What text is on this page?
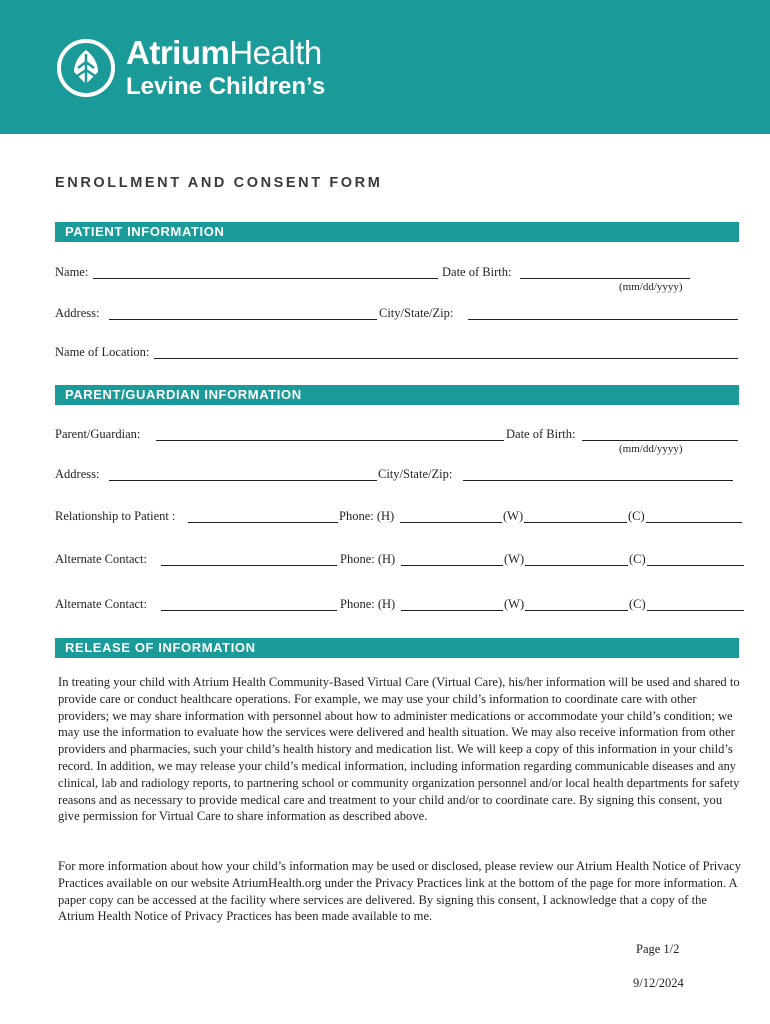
AtriumHealth
Levine Children’s
ENROLLMENT AND CONSENT FORM
PATIENT INFORMATION
Name:	Date of Birth:
(mm/dd/yyyy)
Address:	City/State/Zip:
Name of Location:
PARENT/GUARDIAN INFORMATION
Parent/Guardian:	Date of Birth:
(mm/dd/yyyy)
Address:	City/State/Zip:
Relationship to Patient :	Phone: (H)	(W)	(C)
Alternate Contact:	Phone: (H)	(W)	(C)
Alternate Contact:	Phone: (H)	(W)	(C)
RELEASE OF INFORMATION

In treating your child with Atrium Health Community-Based Virtual Care (Virtual Care), his/her information will be used and shared to provide care or conduct healthcare operations. For example, we may use your child’s information to coordinate care with other providers; we may share information with personnel about how to administer medications or accommodate your child’s condition; we may use the information to evaluate how the services were delivered and health situation. We may also receive information from other providers and pharmacies, such your child’s health history and medication list. We will keep a copy of this information in your child’s record. In addition, we may release your child’s medical information, including information regarding communicable diseases and any clinical, lab and radiology reports, to partnering school or community organization personnel and/or local health departments for safety reasons and as necessary to provide medical care and treatment to your child and/or to coordinate care. By signing this consent, you give permission for Virtual Care to share information as described above.

For more information about how your child’s information may be used or disclosed, please review our Atrium Health Notice of Privacy Practices available on our website AtriumHealth.org under the Privacy Practices link at the bottom of the page for more information. A paper copy can be accessed at the facility where services are delivered. By signing this consent, I acknowledge that a copy of the Atrium Health Notice of Privacy Practices has been made available to me.

Page 1/2
9/12/2024
